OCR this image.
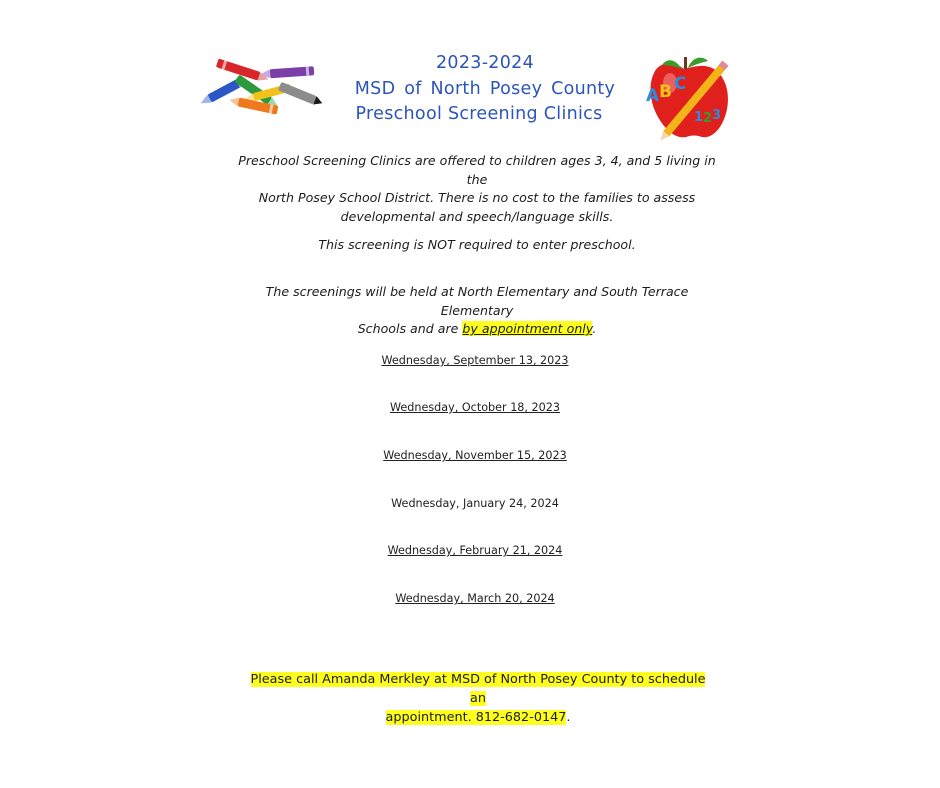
A B C
1 2 3
2023-2024
MSD of North Posey County
Preschool Screening Clinics
Preschool Screening Clinics are offered to children ages 3, 4, and 5 living in the
North Posey School District. There is no cost to the families to assess
developmental and speech/language skills.
This screening is NOT required to enter preschool.
The screenings will be held at North Elementary and South Terrace Elementary
Schools and are by appointment only.
Wednesday, September 13, 2023
Wednesday, October 18, 2023
Wednesday, November 15, 2023
Wednesday, January 24, 2024
Wednesday, February 21, 2024
Wednesday, March 20, 2024
Please call Amanda Merkley at MSD of North Posey County to schedule an
appointment. 812-682-0147.
